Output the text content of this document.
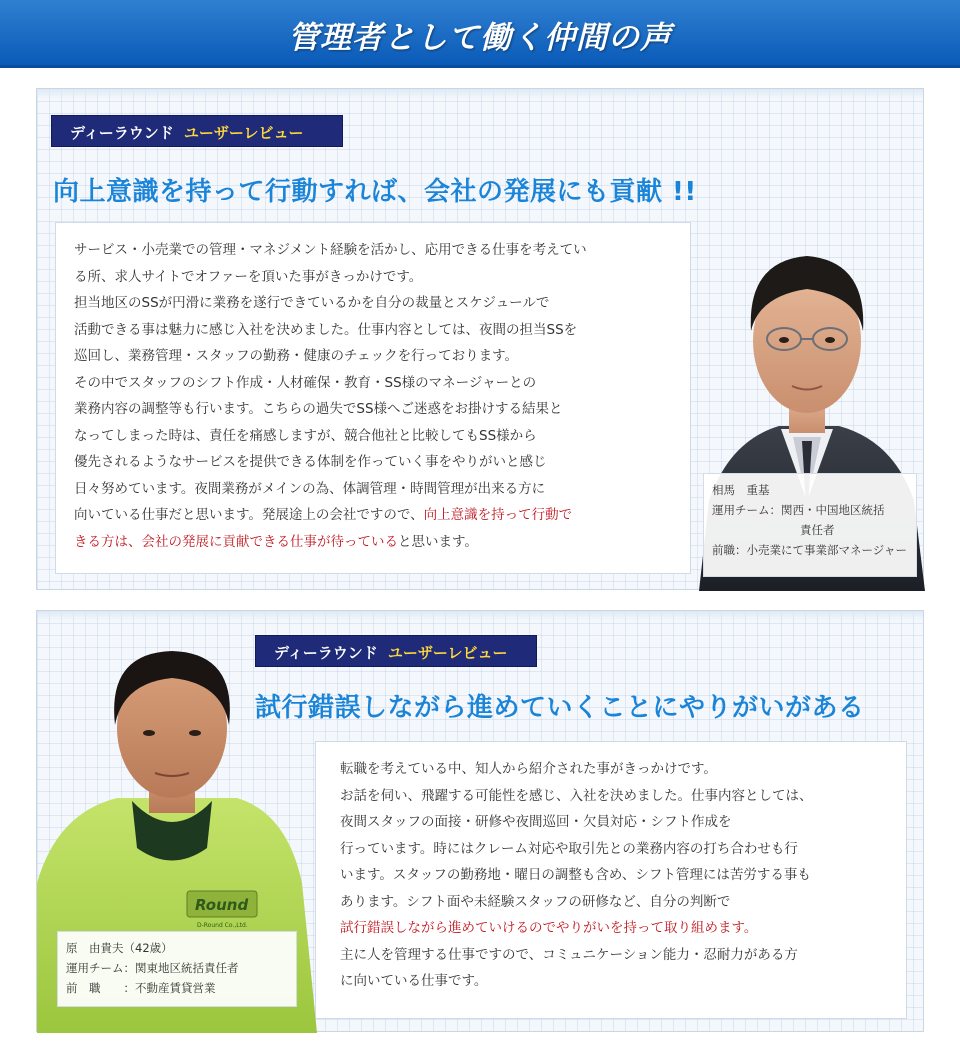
管理者として働く仲間の声
ディーラウンド ユーザーレビュー
向上意識を持って行動すれば、会社の発展にも貢献 !!

サービス・小売業での管理・マネジメント経験を活かし、応用できる仕事を考えてい

る所、求人サイトでオファーを頂いた事がきっかけです。

担当地区のSSが円滑に業務を遂行できているかを自分の裁量とスケジュールで

活動できる事は魅力に感じ入社を決めました。仕事内容としては、夜間の担当SSを

巡回し、業務管理・スタッフの勤務・健康のチェックを行っております。

その中でスタッフのシフト作成・人材確保・教育・SS様のマネージャーとの

業務内容の調整等も行います。こちらの過失でSS様へご迷惑をお掛けする結果と

なってしまった時は、責任を痛感しますが、競合他社と比較してもSS様から

優先されるようなサービスを提供できる体制を作っていく事をやりがいと感じ

日々努めています。夜間業務がメインの為、体調管理・時間管理が出来る方に

向いている仕事だと思います。発展途上の会社ですので、向上意識を持って行動で

きる方は、会社の発展に貢献できる仕事が待っていると思います。

相馬　重基
運用チーム： 関西・中国地区統括
責任者
前職： 小売業にて事業部マネージャー
ディーラウンド ユーザーレビュー
試行錯誤しながら進めていくことにやりがいがある

転職を考えている中、知人から紹介された事がきっかけです。

お話を伺い、飛躍する可能性を感じ、入社を決めました。仕事内容としては、

夜間スタッフの面接・研修や夜間巡回・欠員対応・シフト作成を

行っています。時にはクレーム対応や取引先との業務内容の打ち合わせも行

います。スタッフの勤務地・曜日の調整も含め、シフト管理には苦労する事も

あります。シフト面や未経験スタッフの研修など、自分の判断で

試行錯誤しながら進めていけるのでやりがいを持って取り組めます。

主に人を管理する仕事ですので、コミュニケーション能力・忍耐力がある方

に向いている仕事です。

Round
D-Round Co.,Ltd.
原　由貴夫（42歳）
運用チーム： 関東地区統括責任者
前　職　　： 不動産賃貸営業
